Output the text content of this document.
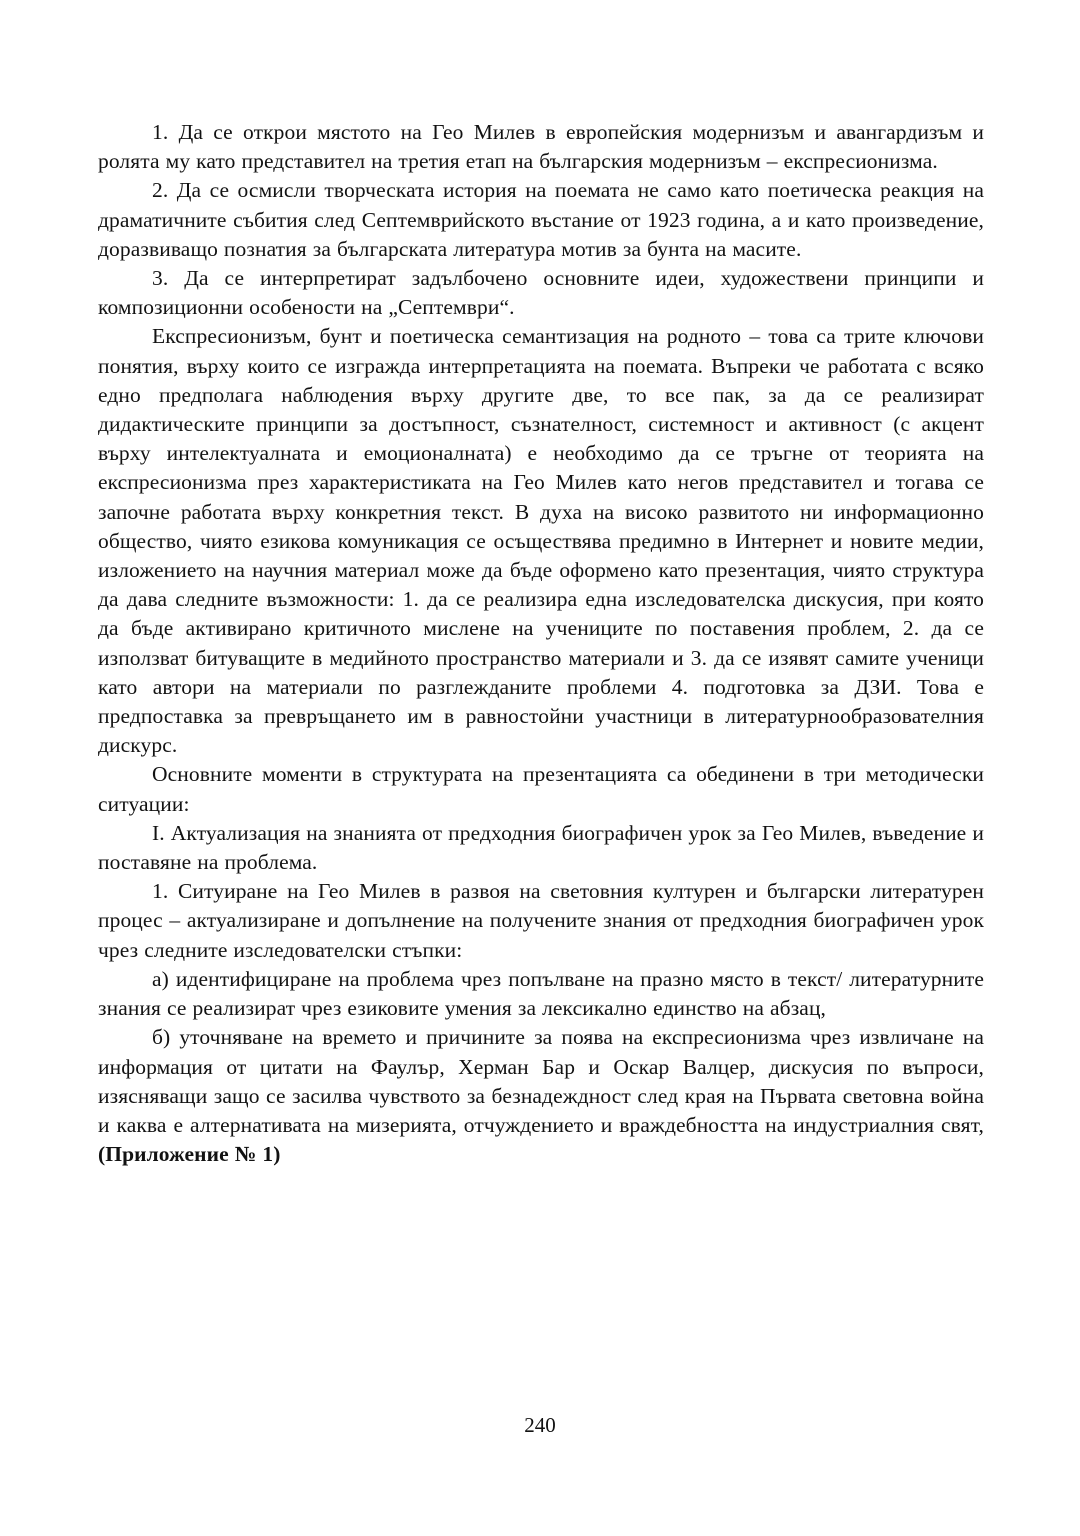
1. Да се открои мястото на Гео Милев в европейския модернизъм и авангардизъм и ролята му като представител на третия етап на българския модернизъм – експресионизма.

2. Да се осмисли творческата история на поемата не само като поетическа реакция на драматичните събития след Септемврийското въстание от 1923 година, а и като произведение, доразвиващо познатия за българската литература мотив за бунта на масите.

3. Да се интерпретират задълбочено основните идеи, художествени принципи и композиционни особености на „Септември“.

Експресионизъм, бунт и поетическа семантизация на родното – това са трите ключови понятия, върху които се изгражда интерпретацията на поемата. Въпреки че работата с всяко едно предполага наблюдения върху другите две, то все пак, за да се реализират дидактическите принципи за достъпност, съзнателност, системност и активност (с акцент върху интелектуалната и емоционалната) е необходимо да се тръгне от теорията на експресионизма през характеристиката на Гео Милев като негов представител и тогава се започне работата върху конкретния текст. В духа на високо развитото ни информационно общество, чиято езикова комуникация се осъществява предимно в Интернет и новите медии, изложението на научния материал може да бъде оформено като презентация, чиято структура да дава следните възможности: 1. да се реализира една изследователска дискусия, при която да бъде активирано критичното мислене на учениците по поставения проблем, 2. да се използват битуващите в медийното пространство материали и 3. да се изявят самите ученици като автори на материали по разглежданите проблеми 4. подготовка за ДЗИ. Това е предпоставка за превръщането им в равностойни участници в литературнообразователния дискурс.

Основните моменти в структурата на презентацията са обединени в три методически ситуации:

I. Актуализация на знанията от предходния биографичен урок за Гео Милев, въведение и поставяне на проблема.

1. Ситуиране на Гео Милев в развоя на световния културен и български литературен процес – актуализиране и допълнение на получените знания от предходния биографичен урок чрез следните изследователски стъпки:

а) идентифициране на проблема чрез попълване на празно място в текст/ литературните знания се реализират чрез езиковите умения за лексикално единство на абзац,

б) уточняване на времето и причините за поява на експресионизма чрез извличане на информация от цитати на Фаулър, Херман Бар и Оскар Валцер, дискусия по въпроси, изясняващи защо се засилва чувството за безнадеждност след края на Първата световна война и каква е алтернативата на мизерията, отчуждението и враждебността на индустриалния свят, (Приложение № 1)

240
